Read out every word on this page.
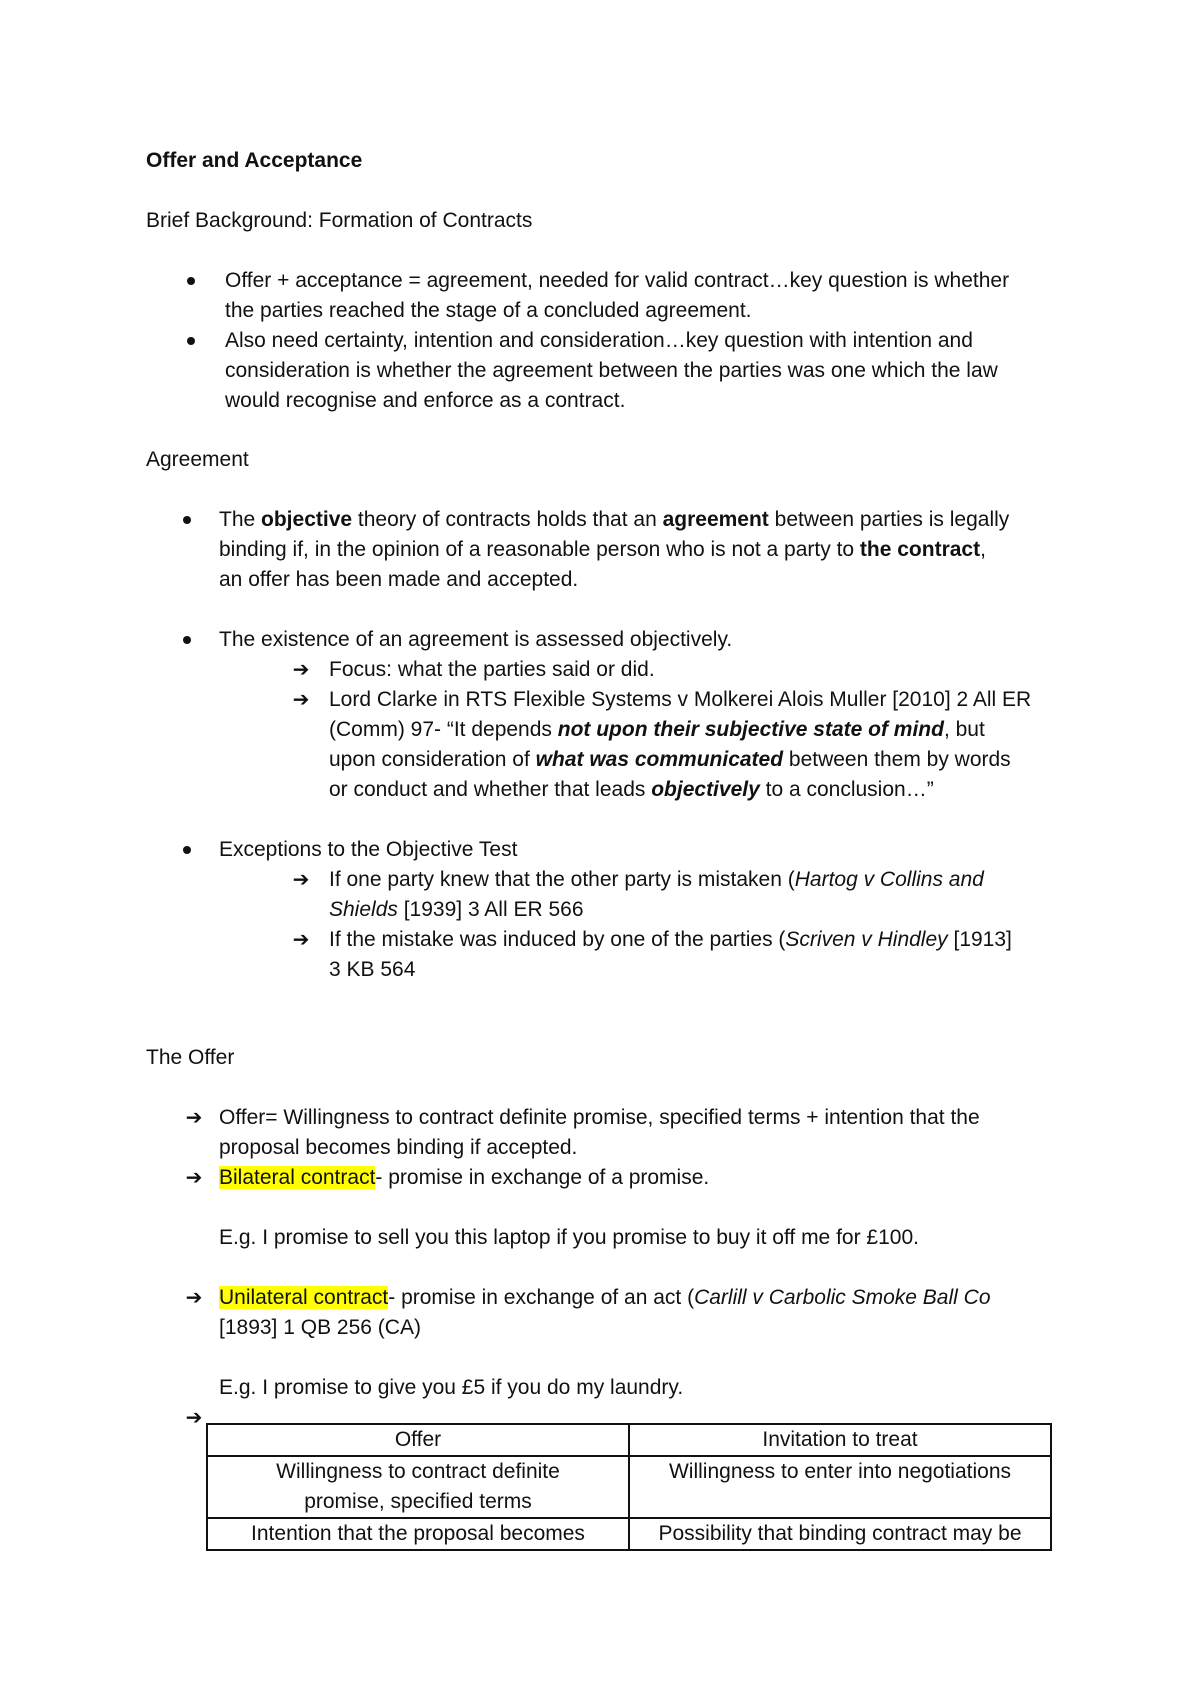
Offer and Acceptance
Brief Background: Formation of Contracts
Offer + acceptance = agreement, needed for valid contract…key question is whether
the parties reached the stage of a concluded agreement.
Also need certainty, intention and consideration…key question with intention and
consideration is whether the agreement between the parties was one which the law
would recognise and enforce as a contract.
Agreement
The objective theory of contracts holds that an agreement between parties is legally
binding if, in the opinion of a reasonable person who is not a party to the contract,
an offer has been made and accepted.
The existence of an agreement is assessed objectively.
➔ Focus: what the parties said or did.
➔ Lord Clarke in RTS Flexible Systems v Molkerei Alois Muller [2010] 2 All ER
(Comm) 97- “It depends not upon their subjective state of mind, but
upon consideration of what was communicated between them by words
or conduct and whether that leads objectively to a conclusion…”
Exceptions to the Objective Test
➔ If one party knew that the other party is mistaken (Hartog v Collins and
Shields [1939] 3 All ER 566
➔ If the mistake was induced by one of the parties (Scriven v Hindley [1913]
3 KB 564
The Offer
➔ Offer= Willingness to contract definite promise, specified terms + intention that the
proposal becomes binding if accepted.
➔ Bilateral contract- promise in exchange of a promise.
E.g. I promise to sell you this laptop if you promise to buy it off me for £100.
➔ Unilateral contract- promise in exchange of an act (Carlill v Carbolic Smoke Ball Co
[1893] 1 QB 256 (CA)
E.g. I promise to give you £5 if you do my laundry.
➔
Offer	Invitation to treat

Willingness to contract definite
promise, specified terms	Willingness to enter into negotiations

Intention that the proposal becomes	Possibility that binding contract may be
